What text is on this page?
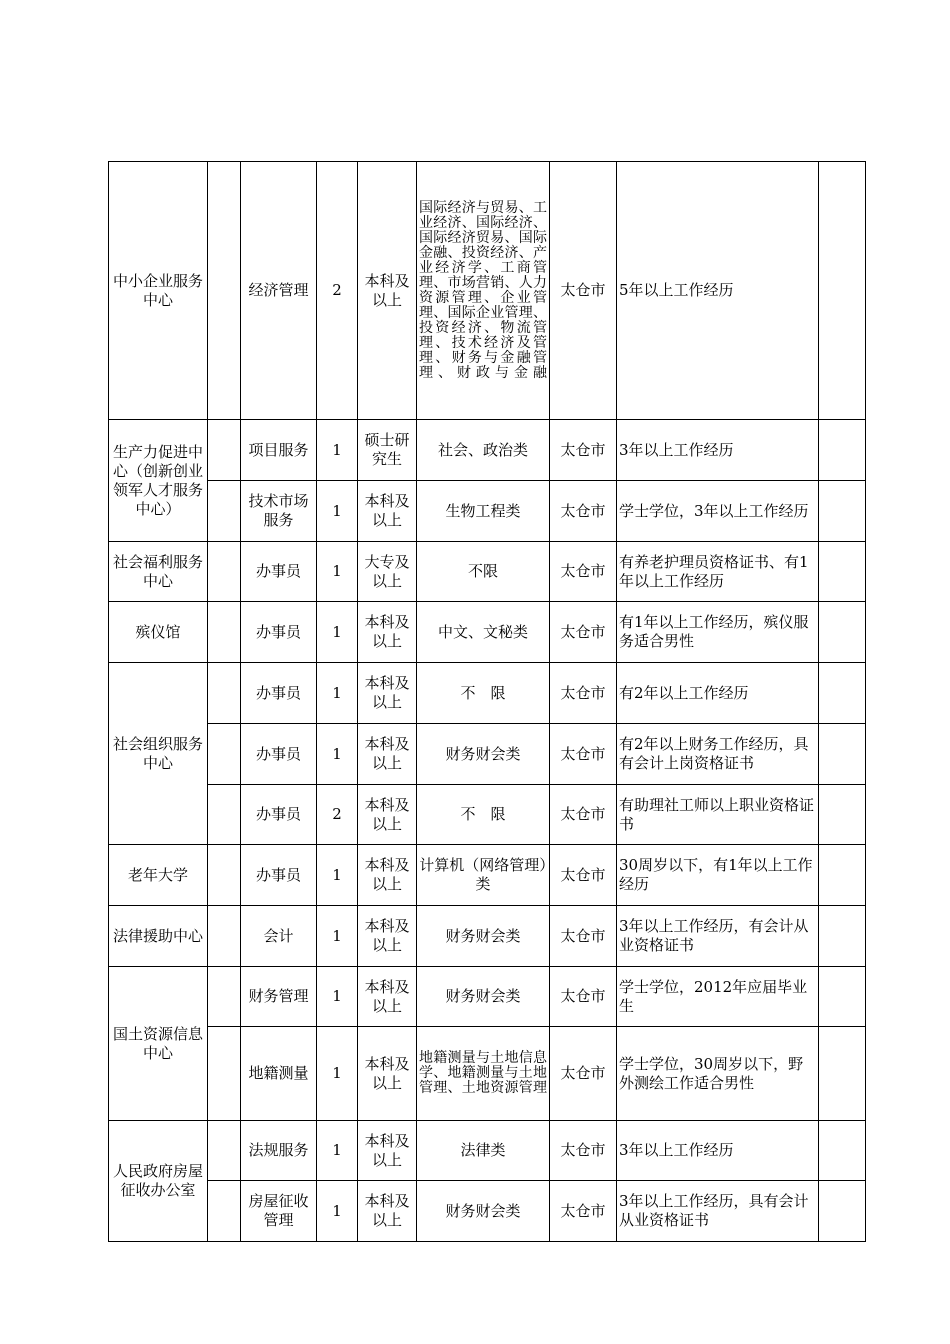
中小企业服务中心		经济管理	2	本科及以上	国际经济与贸易、工业经济、国际经济、国际经济贸易、国际金融、投资经济、产业经济学、工商管理、市场营销、人力资源管理、企业管理、国际企业管理、投资经济、物流管理、技术经济及管理、财务与金融管理、财政与金融	太仓市	5年以上工作经历	
生产力促进中心（创新创业领军人才服务中心）		项目服务	1	硕士研究生	社会、政治类	太仓市	3年以上工作经历	
		技术市场服务	1	本科及以上	生物工程类	太仓市	学士学位，3年以上工作经历	
社会福利服务中心		办事员	1	大专及以上	不限	太仓市	有养老护理员资格证书、有1年以上工作经历	
殡仪馆		办事员	1	本科及以上	中文、文秘类	太仓市	有1年以上工作经历，殡仪服务适合男性	
社会组织服务中心		办事员	1	本科及以上	不　限	太仓市	有2年以上工作经历	
		办事员	1	本科及以上	财务财会类	太仓市	有2年以上财务工作经历，具有会计上岗资格证书	
		办事员	2	本科及以上	不　限	太仓市	有助理社工师以上职业资格证书	
老年大学		办事员	1	本科及以上	计算机（网络管理）类	太仓市	30周岁以下，有1年以上工作经历	
法律援助中心		会计	1	本科及以上	财务财会类	太仓市	3年以上工作经历，有会计从业资格证书	
国土资源信息中心		财务管理	1	本科及以上	财务财会类	太仓市	学士学位，2012年应届毕业生	
		地籍测量	1	本科及以上	地籍测量与土地信息学、地籍测量与土地管理、土地资源管理	太仓市	学士学位，30周岁以下，野外测绘工作适合男性	
人民政府房屋征收办公室		法规服务	1	本科及以上	法律类	太仓市	3年以上工作经历	
		房屋征收管理	1	本科及以上	财务财会类	太仓市	3年以上工作经历，具有会计从业资格证书	
